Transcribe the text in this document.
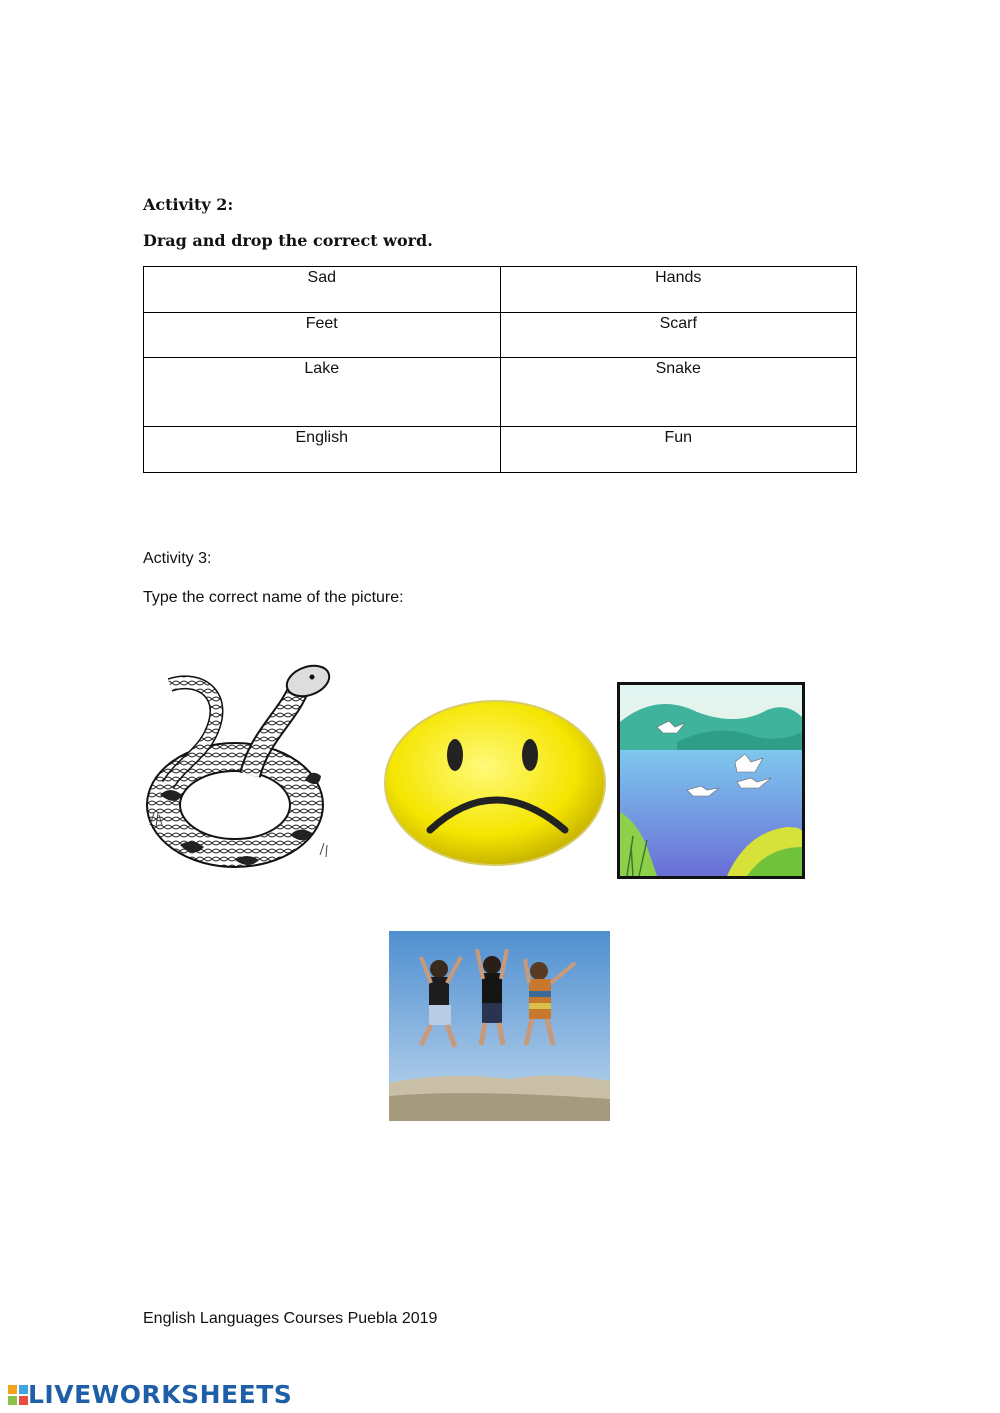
Activity 2:
Drag and drop the correct word.
Sad	Hands
Feet	Scarf
Lake	Snake
English	Fun
Activity 3:
Type the correct name of the picture:
English Languages Courses Puebla 2019
LIVEWORKSHEETS
